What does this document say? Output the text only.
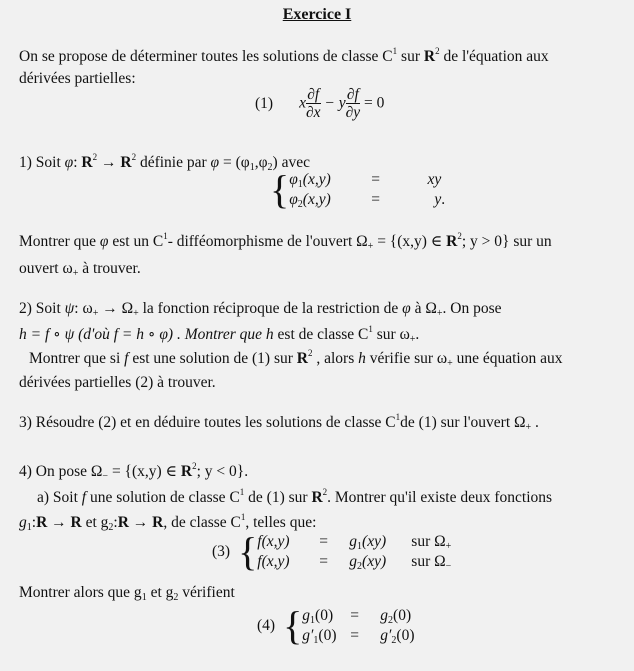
Exercice I
On se propose de déterminer toutes les solutions de classe $C^1$ sur $R^2$ de l'équation aux
dérivées partielles:
(1) x $\frac{\partial f}{\partial x} - y \frac{\partial f}{\partial y} = 0$
1) Soit φ: $R^2 \to R^2$ définie par $\varphi = (\varphi_1,\varphi_2)$ avec
{ $\varphi_1(x,y)$	=	xy
$\varphi_2(x,y)$	=	y.
Montrer que φ est un $C^1-$ difféomorphisme de l'ouvert $\Omega_+ = \{(x,y)$ ∈ $R^2$; y > 0} sur un
ouvert $\omega_+$ à trouver.
2) Soit ψ: $\omega_+ \to \Omega_+$ la fonction réciproque de la restriction de φ à $\Omega_+$. On pose
h = f ∘ ψ (d'où f = h ∘ φ) . Montrer que h est de classe $C^1$ sur $\omega_+$.
Montrer que si f est une solution de (1) sur $R^2$ , alors h vérifie sur $\omega_+$ une équation aux
dérivées partielles (2) à trouver.
3) Résoudre (2) et en déduire toutes les solutions de classe $C^1de$ (1) sur l'ouvert $\Omega_+$ .
4) On pose $\Omega_- = \{(x,y)$ ∈ $R^2$; y < 0}.
a) Soit f une solution de classe $C^1$ de (1) sur $R^2$. Montrer qu'il existe deux fonctions
$g_1:R \to R$ et $g_2:R \to R$, de classe $C^1$, telles que:
(3) { $f(x,y) = g_1(xy)$ sur $\Omega_+$
$f(x,y) = g_2(xy)$ sur $\Omega_-$
Montrer alors que $g_1$ et $g_2$ vérifient
(4) { $g_1(0) = g_2(0)$
$g'_1(0) = g'_2(0)$
